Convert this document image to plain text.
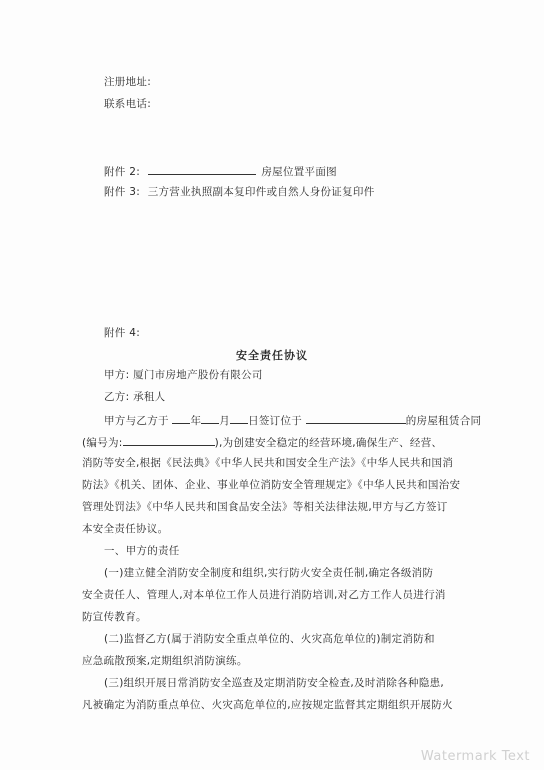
注册地址:
联系电话:
附件 2:	房屋位置平面图
附件 3: 三方营业执照副本复印件或自然人身份证复印件
附件 4:
安全责任协议
甲方: 厦门市房地产股份有限公司
乙方: 承租人
甲方与乙方于 年 月 日签订位于	的房屋租赁合同
(编号为:	),为创建安全稳定的经营环境,确保生产、经营、
消防等安全,根据《民法典》《中华人民共和国安全生产法》《中华人民共和国消
防法》《机关、团体、企业、事业单位消防安全管理规定》《中华人民共和国治安
管理处罚法》《中华人民共和国食品安全法》等相关法律法规,甲方与乙方签订
本安全责任协议。
一、甲方的责任
(一)建立健全消防安全制度和组织,实行防火安全责任制,确定各级消防
安全责任人、管理人,对本单位工作人员进行消防培训,对乙方工作人员进行消
防宣传教育。
(二)监督乙方(属于消防安全重点单位的、火灾高危单位的)制定消防和
应急疏散预案,定期组织消防演练。
(三)组织开展日常消防安全巡查及定期消防安全检查,及时消除各种隐患,
凡被确定为消防重点单位、火灾高危单位的,应按规定监督其定期组织开展防火
Watermark Text
